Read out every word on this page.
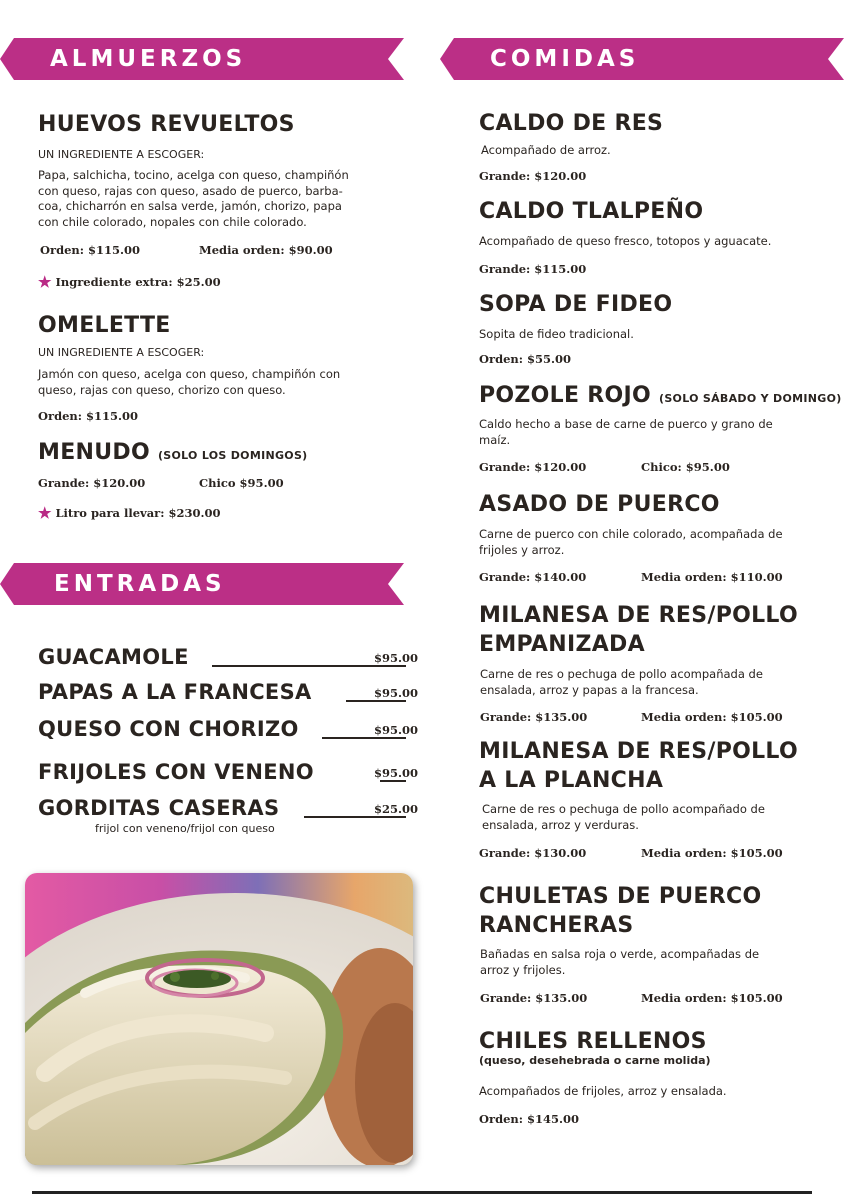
ALMUERZOS	COMIDAS
ENTRADAS
HUEVOS REVUELTOS
UN INGREDIENTE A ESCOGER:
Papa, salchicha, tocino, acelga con queso, champiñón
con queso, rajas con queso, asado de puerco, barba-
coa, chicharrón en salsa verde, jamón, chorizo, papa
con chile colorado, nopales con chile colorado.
Orden: $115.00	Media orden: $90.00
★ Ingrediente extra: $25.00
OMELETTE
UN INGREDIENTE A ESCOGER:
Jamón con queso, acelga con queso, champiñón con
queso, rajas con queso, chorizo con queso.
Orden: $115.00
MENUDO (SOLO LOS DOMINGOS)
Grande: $120.00	Chico $95.00
★ Litro para llevar: $230.00
GUACAMOLE	$95.00
PAPAS A LA FRANCESA	$95.00
QUESO CON CHORIZO	$95.00
FRIJOLES CON VENENO	$95.00
GORDITAS CASERAS	$25.00
frijol con veneno/frijol con queso
CALDO DE RES
Acompañado de arroz.
Grande: $120.00
CALDO TLALPEÑO
Acompañado de queso fresco, totopos y aguacate.
Grande: $115.00
SOPA DE FIDEO
Sopita de fideo tradicional.
Orden: $55.00
POZOLE ROJO (SOLO SÁBADO Y DOMINGO)
Caldo hecho a base de carne de puerco y grano de
maíz.
Grande: $120.00	Chico: $95.00
ASADO DE PUERCO
Carne de puerco con chile colorado, acompañada de
frijoles y arroz.
Grande: $140.00	Media orden: $110.00
MILANESA DE RES/POLLO
EMPANIZADA
Carne de res o pechuga de pollo acompañada de
ensalada, arroz y papas a la francesa.
Grande: $135.00	Media orden: $105.00
MILANESA DE RES/POLLO
A LA PLANCHA
Carne de res o pechuga de pollo acompañado de
ensalada, arroz y verduras.
Grande: $130.00	Media orden: $105.00
CHULETAS DE PUERCO
RANCHERAS
Bañadas en salsa roja o verde, acompañadas de
arroz y frijoles.
Grande: $135.00	Media orden: $105.00
CHILES RELLENOS
(queso, desehebrada o carne molida)
Acompañados de frijoles, arroz y ensalada.
Orden: $145.00
